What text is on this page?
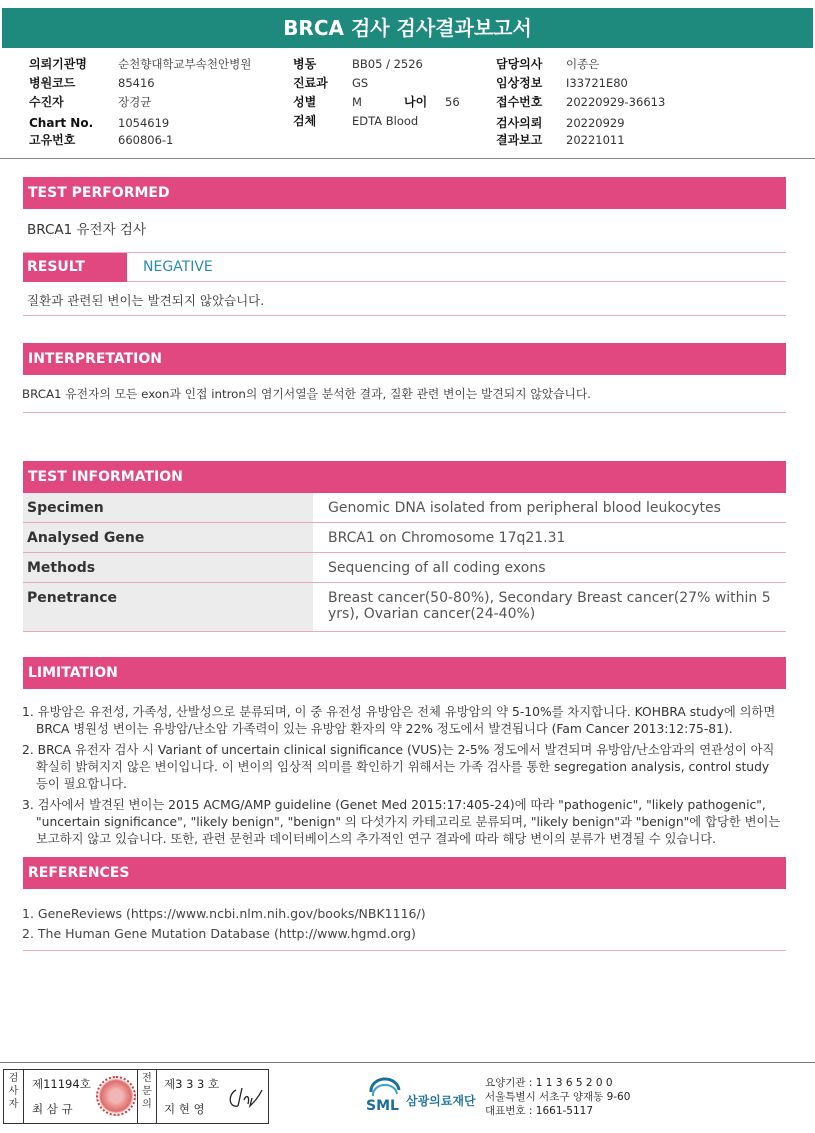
BRCA 검사 검사결과보고서
의뢰기관명	순천향대학교부속천안병원
병원코드	85416
수진자	장경균
Chart No. 1054619
고유번호	660806-1
병동	BB05 / 2526
진료과 GS
성별	M	나이 56
검체	EDTA Blood
담당의사 이종은
임상정보 I33721E80
접수번호 20220929-36613
검사의뢰 20220929
결과보고 20221011
TEST PERFORMED
BRCA1 유전자 검사
RESULT	NEGATIVE
질환과 관련된 변이는 발견되지 않았습니다.
INTERPRETATION
BRCA1 유전자의 모든 exon과 인접 intron의 염기서열을 분석한 결과, 질환 관련 변이는 발견되지 않았습니다.
TEST INFORMATION
Specimen	Genomic DNA isolated from peripheral blood leukocytes
Analysed Gene	BRCA1 on Chromosome 17q21.31
Methods	Sequencing of all coding exons
Penetrance	Breast cancer(50-80%), Secondary Breast cancer(27% within 5 yrs), Ovarian cancer(24-40%)
LIMITATION
1. 유방암은 유전성, 가족성, 산발성으로 분류되며, 이 중 유전성 유방암은 전체 유방암의 약 5-10%를 차지합니다. KOHBRA study에 의하면 BRCA 병원성 변이는 유방암/난소암 가족력이 있는 유방암 환자의 약 22% 정도에서 발견됩니다 (Fam Cancer 2013:12:75-81).
2. BRCA 유전자 검사 시 Variant of uncertain clinical significance (VUS)는 2-5% 정도에서 발견되며 유방암/난소암과의 연관성이 아직 확실히 밝혀지지 않은 변이입니다. 이 변이의 임상적 의미를 확인하기 위해서는 가족 검사를 통한 segregation analysis, control study 등이 필요합니다.
3. 검사에서 발견된 변이는 2015 ACMG/AMP guideline (Genet Med 2015:17:405-24)에 따라 "pathogenic", "likely pathogenic", "uncertain significance", "likely benign", "benign" 의 다섯가지 카테고리로 분류되며, "likely benign"과 "benign"에 합당한 변이는 보고하지 않고 있습니다. 또한, 관련 문헌과 데이터베이스의 추가적인 연구 결과에 따라 해당 변이의 분류가 변경될 수 있습니다.
REFERENCES
1. GeneReviews (https://www.ncbi.nlm.nih.gov/books/NBK1116/)
2. The Human Gene Mutation Database (http://www.hgmd.org)
검사자
제11194호
최 삼 규
전문의
제3 3 3 호
지 현 영	SML 삼광의료재단
요양기관 : 1 1 3 6 5 2 0 0
서울특별시 서초구 양재동 9-60
대표번호 : 1661-5117
